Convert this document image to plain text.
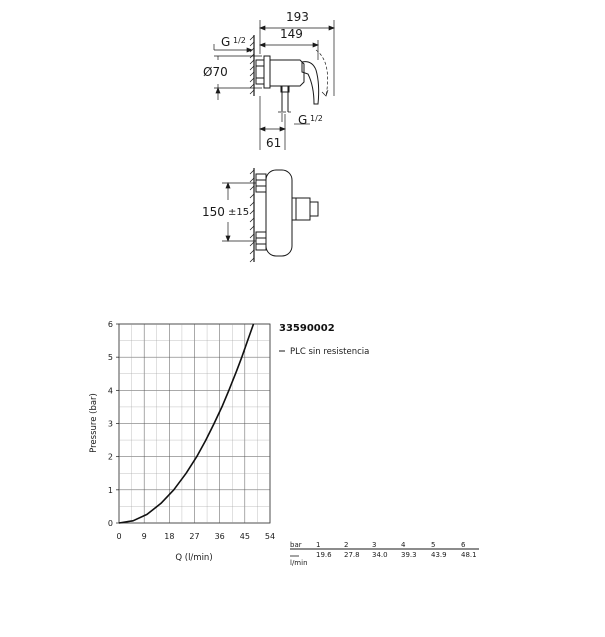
193
149
G 1/2
Ø70
G 1/2
61
150 ±15
0	9 18 27 36 45 54
0
1
2
3
4
5
6
Q (l/min)
Pressure (bar)
33590002
PLC sin resistencia
bar
l/min
1
19.6
2
27.8
3
34.0
4
39.3
5
43.9
6
48.1
